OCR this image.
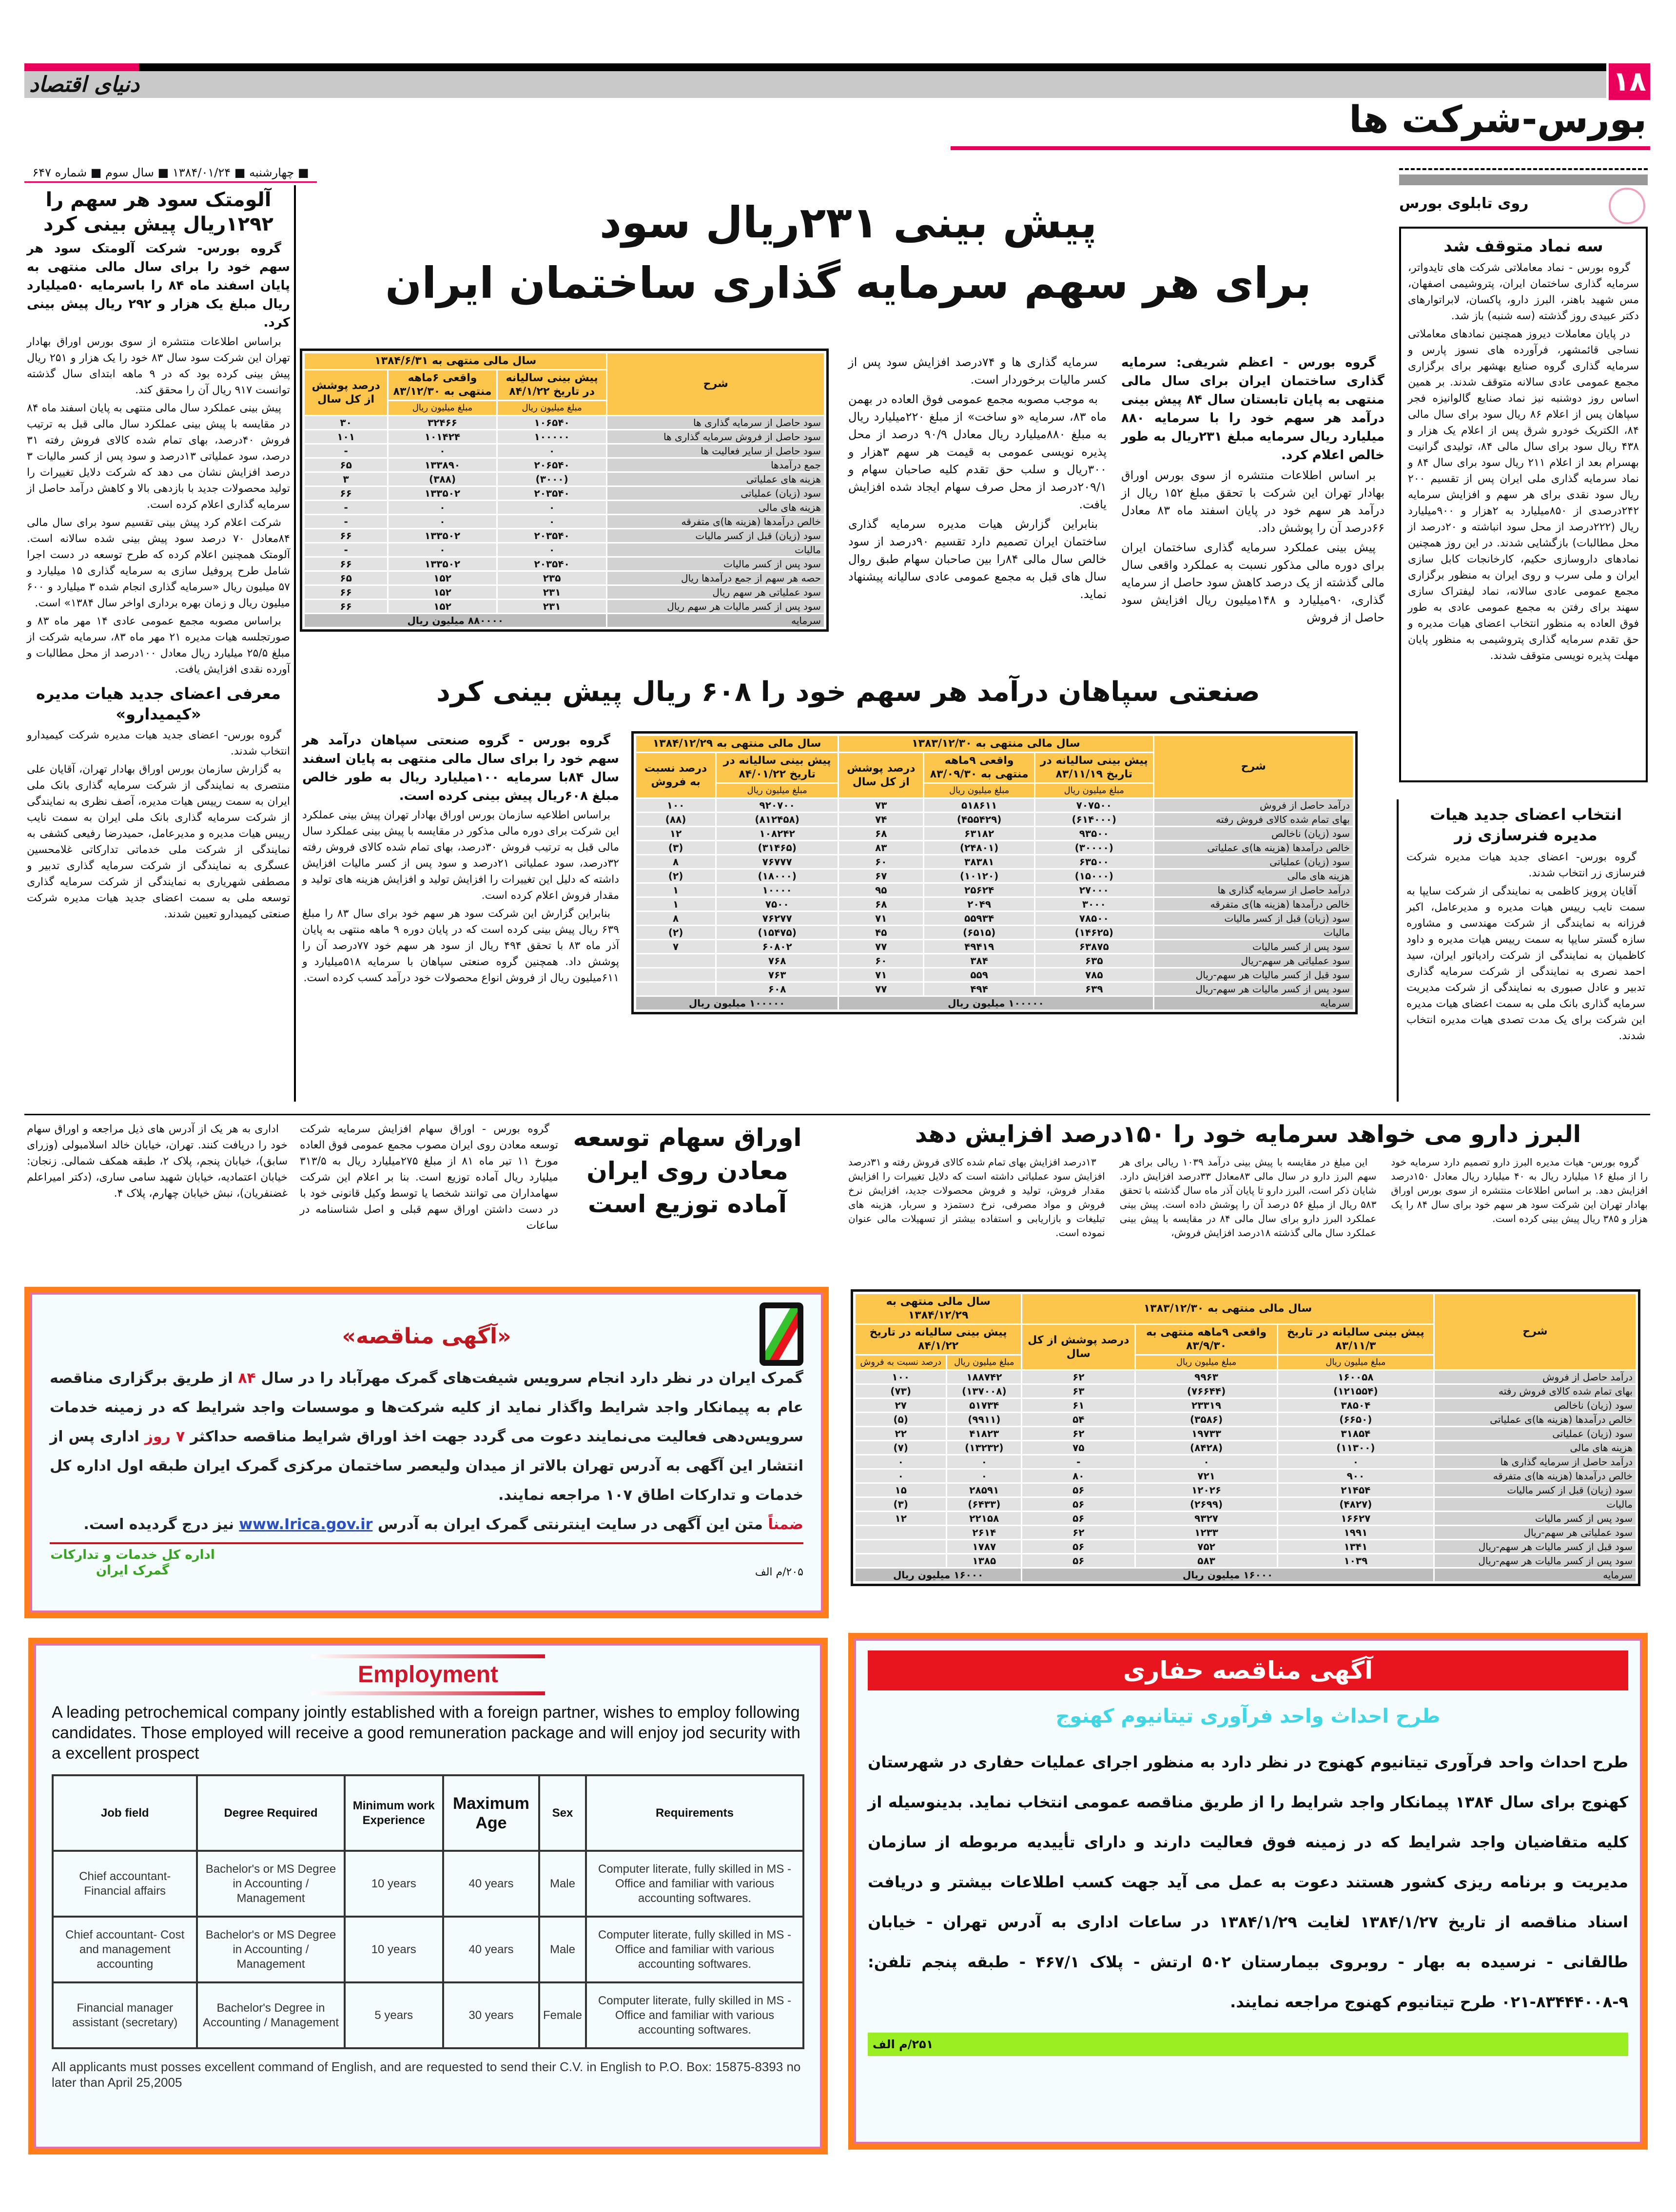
۱۸
دنیای اقتصاد
بورس-شرکت ها
■ چهارشنبه ■ ۱۳۸۴/۰۱/۲۴ ■ سال سوم ■ شماره ۶۴۷
آلومتک سود هر سهم را ۱۲۹۲ریال پیش بینی کرد

گروه بورس- شرکت آلومتک سود هر سهم خود را برای سال مالی منتهی به پایان اسفند ماه ۸۴ را باسرمایه ۵۰میلیارد ریال مبلغ یک هزار و ۲۹۲ ریال پیش بینی کرد.

براساس اطلاعات منتشره از سوی بورس اوراق بهادار تهران این شرکت سود سال ۸۳ خود را یک هزار و ۲۵۱ ریال پیش بینی کرده بود که در ۹ ماهه ابتدای سال گذشته توانست ۹۱۷ ریال آن را محقق کند.

پیش بینی عملکرد سال مالی منتهی به پایان اسفند ماه ۸۴ در مقایسه با پیش بینی عملکرد سال مالی قبل به ترتیب فروش ۴۰درصد، بهای تمام شده کالای فروش رفته ۳۱ درصد، سود عملیاتی ۱۳درصد و سود پس از کسر مالیات ۳ درصد افزایش نشان می دهد که شرکت دلایل تغییرات را تولید محصولات جدید با بازدهی بالا و کاهش درآمد حاصل از سرمایه گذاری اعلام کرده است.

شرکت اعلام کرد پیش بینی تقسیم سود برای سال مالی ۸۴معادل ۷۰ درصد سود پیش بینی شده سالانه است. آلومتک همچنین اعلام کرده که طرح توسعه در دست اجرا شامل طرح پروفیل سازی به سرمایه گذاری ۱۵ میلیارد و ۵۷ میلیون ریال «سرمایه گذاری انجام شده ۳ میلیارد و ۶۰۰ میلیون ریال و زمان بهره برداری اواخر سال ۱۳۸۴» است.

براساس مصوبه مجمع عمومی عادی ۱۴ مهر ماه ۸۳ و صورتجلسه هیات مدیره ۲۱ مهر ماه ۸۳، سرمایه شرکت از مبلغ ۲۵/۵ میلیارد ریال معادل ۱۰۰درصد از محل مطالبات و آورده نقدی افزایش یافت.

معرفی اعضای جدید هیات مدیره «کیمیدارو»

گروه بورس- اعضای جدید هیات مدیره شرکت کیمیدارو انتخاب شدند.

به گزارش سازمان بورس اوراق بهادار تهران، آقایان علی منتصری به نمایندگی از شرکت سرمایه گذاری بانک ملی ایران به سمت رییس هیات مدیره، آصف نظری به نمایندگی از شرکت سرمایه گذاری بانک ملی ایران به سمت نایب رییس هیات مدیره و مدیرعامل، حمیدرضا رفیعی کشفی به نمایندگی از شرکت ملی خدماتی تدارکاتی غلامحسین عسگری به نمایندگی از شرکت سرمایه گذاری تدبیر و مصطفی شهریاری به نمایندگی از شرکت سرمایه گذاری توسعه ملی به سمت اعضای جدید هیات مدیره شرکت صنعتی کیمیدارو تعیین شدند.

پیش بینی ۲۳۱ریال سود
برای هر سهم سرمایه گذاری ساختمان ایران
شرح	سال مالی منتهی به ۱۳۸۴/۶/۳۱		
	پیش بینی سالیانه در تاریخ ۸۴/۱/۲۲	واقعی ۶ماهه منتهی به ۸۳/۱۲/۳۰	درصد پوشش از کل سال
	مبلغ میلیون ریال	مبلغ میلیون ریال	
سود حاصل از سرمایه گذاری ها	۱۰۶۵۴۰	۳۲۴۶۶	۳۰
سود حاصل از فروش سرمایه گذاری ها	۱۰۰۰۰۰	۱۰۱۴۲۴	۱۰۱
سود حاصل از سایر فعالیت ها	۰	۰	-
جمع درآمدها	۲۰۶۵۴۰	۱۳۳۸۹۰	۶۵
هزینه های عملیاتی	(۳۰۰۰)	(۳۸۸)	۳
سود (زیان) عملیاتی	۲۰۳۵۴۰	۱۳۳۵۰۲	۶۶
هزینه های مالی	۰	۰	-
خالص درآمدها (هزینه ها)ی متفرقه	۰	۰	-
سود (زیان) قبل از کسر مالیات	۲۰۳۵۴۰	۱۳۳۵۰۲	۶۶
مالیات	۰	۰	-
سود پس از کسر مالیات	۲۰۳۵۴۰	۱۳۳۵۰۲	۶۶
حصه هر سهم از جمع درآمدها ریال	۲۳۵	۱۵۲	۶۵
سود عملیاتی هر سهم ریال	۲۳۱	۱۵۲	۶۶
سود پس از کسر مالیات هر سهم ریال	۲۳۱	۱۵۲	۶۶
سرمایه	۸۸۰۰۰۰ میلیون ریال		

گروه بورس - اعظم شریفی: سرمایه گذاری ساختمان ایران برای سال مالی منتهی به پایان تابستان سال ۸۴ پیش بینی درآمد هر سهم خود را با سرمایه ۸۸۰ میلیارد ریال سرمایه مبلغ ۲۳۱ریال به طور خالص اعلام کرد.

بر اساس اطلاعات منتشره از سوی بورس اوراق بهادار تهران این شرکت با تحقق مبلغ ۱۵۲ ریال از درآمد هر سهم خود در پایان اسفند ماه ۸۳ معادل ۶۶درصد آن را پوشش داد.

پیش بینی عملکرد سرمایه گذاری ساختمان ایران برای دوره مالی مذکور نسبت به عملکرد واقعی سال مالی گذشته از یک درصد کاهش سود حاصل از سرمایه گذاری، ۹۰میلیارد و ۱۴۸میلیون ریال افزایش سود حاصل از فروش

سرمایه گذاری ها و ۷۴درصد افزایش سود پس از کسر مالیات برخوردار است.

به موجب مصوبه مجمع عمومی فوق العاده در بهمن ماه ۸۳، سرمایه «و ساخت» از مبلغ ۲۲۰میلیارد ریال به مبلغ ۸۸۰میلیارد ریال معادل ۹۰/۹ درصد از محل پذیره نویسی عمومی به قیمت هر سهم ۳هزار و ۳۰۰ریال و سلب حق تقدم کلیه صاحبان سهام و ۲۰۹/۱درصد از محل صرف سهام ایجاد شده افزایش یافت.

بنابراین گزارش هیات مدیره سرمایه گذاری ساختمان ایران تصمیم دارد تقسیم ۹۰درصد از سود خالص سال مالی ۸۴را بین صاحبان سهام طبق روال سال های قبل به مجمع عمومی عادی سالیانه پیشنهاد نماید.

روی تابلوی بورس
سه نماد متوقف شد

گروه بورس - نماد معاملاتی شرکت های تایدواتر، سرمایه گذاری ساختمان ایران، پتروشیمی اصفهان، مس شهید باهنر، البرز دارو، پاکسان، لابراتوارهای دکتر عبیدی روز گذشته (سه شنبه) باز شد.

در پایان معاملات دیروز همچنین نمادهای معاملاتی نساجی قائمشهر، فرآورده های نسوز پارس و سرمایه گذاری گروه صنایع بهشهر برای برگزاری مجمع عمومی عادی سالانه متوقف شدند. بر همین اساس روز دوشنبه نیز نماد صنایع گالوانیزه فجر سپاهان پس از اعلام ۸۶ ریال سود برای سال مالی ۸۴، الکتریک خودرو شرق پس از اعلام یک هزار و ۴۳۸ ریال سود برای سال مالی ۸۴، تولیدی گرانیت بهسرام بعد از اعلام ۲۱۱ ریال سود برای سال ۸۴ و نماد سرمایه گذاری ملی ایران پس از تقسیم ۲۰۰ ریال سود نقدی برای هر سهم و افزایش سرمایه ۲۴۲درصدی از ۸۵۰میلیارد به ۲هزار و ۹۰۰میلیارد ریال (۲۲۲درصد از محل سود انباشته و ۲۰درصد از محل مطالبات) بازگشایی شدند. در این روز همچنین نمادهای داروسازی حکیم، کارخانجات کابل سازی ایران و ملی سرب و روی ایران به منظور برگزاری مجمع عمومی عادی سالانه، نماد لیفتراک سازی سهند برای رفتن به مجمع عمومی عادی به طور فوق العاده به منظور انتخاب اعضای هیات مدیره و حق تقدم سرمایه گذاری پتروشیمی به منظور پایان مهلت پذیره نویسی متوقف شدند.

انتخاب اعضای جدید هیات مدیره فنرسازی زر

گروه بورس- اعضای جدید هیات مدیره شرکت فنرسازی زر انتخاب شدند.

آقایان پرویز کاظمی به نمایندگی از شرکت سایپا به سمت نایب رییس هیات مدیره و مدیرعامل، اکبر فرزانه به نمایندگی از شرکت مهندسی و مشاوره سازه گستر سایپا به سمت رییس هیات مدیره و داود کاظمیان به نمایندگی از شرکت رادیاتور ایران، سید احمد نصری به نمایندگی از شرکت سرمایه گذاری تدبیر و عادل صبوری به نمایندگی از شرکت مدیریت سرمایه گذاری بانک ملی به سمت اعضای هیات مدیره این شرکت برای یک مدت تصدی هیات مدیره انتخاب شدند.

صنعتی سپاهان درآمد هر سهم خود را ۶۰۸ ریال پیش بینی کرد

گروه بورس - گروه صنعتی سپاهان درآمد هر سهم خود را برای سال مالی منتهی به پایان اسفند سال ۸۴با سرمایه ۱۰۰میلیارد ریال به طور خالص مبلغ ۶۰۸ریال پیش بینی کرده است.

براساس اطلاعیه سازمان بورس اوراق بهادار تهران پیش بینی عملکرد این شرکت برای دوره مالی مذکور در مقایسه با پیش بینی عملکرد سال مالی قبل به ترتیب فروش ۳۰درصد، بهای تمام شده کالای فروش رفته ۳۲درصد، سود عملیاتی ۲۱درصد و سود پس از کسر مالیات افزایش داشته که دلیل این تغییرات را افزایش تولید و افزایش هزینه های تولید و مقدار فروش اعلام کرده است.

بنابراین گزارش این شرکت سود هر سهم خود برای سال ۸۳ را مبلغ ۶۳۹ ریال پیش بینی کرده است که در پایان دوره ۹ ماهه منتهی به پایان آذر ماه ۸۳ با تحقق ۴۹۴ ریال از سود هر سهم خود ۷۷درصد آن را پوشش داد. همچنین گروه صنعتی سپاهان با سرمایه ۵۱۸میلیارد و ۶۱۱میلیون ریال از فروش انواع محصولات خود درآمد کسب کرده است.

شرح	سال مالی منتهی به ۱۳۸۳/۱۲/۳۰			سال مالی منتهی به ۱۳۸۴/۱۲/۲۹	
	پیش بینی سالیانه در تاریخ ۸۳/۱۱/۱۹	واقعی ۹ماهه منتهی به ۸۳/۰۹/۳۰	درصد پوشش از کل سال	پیش بینی سالیانه در تاریخ ۸۴/۰۱/۲۲	درصد نسبت به فروش
	مبلغ میلیون ریال	مبلغ میلیون ریال		مبلغ میلیون ریال	
درآمد حاصل از فروش	۷۰۷۵۰۰	۵۱۸۶۱۱	۷۳	۹۲۰۷۰۰	۱۰۰
بهای تمام شده کالای فروش رفته	(۶۱۴۰۰۰)	(۴۵۵۴۲۹)	۷۴	(۸۱۲۴۵۸)	(۸۸)
سود (زیان) ناخالص	۹۳۵۰۰	۶۳۱۸۲	۶۸	۱۰۸۲۴۲	۱۲
خالص درآمدها (هزینه ها)ی عملیاتی	(۳۰۰۰۰)	(۲۴۸۰۱)	۸۳	(۳۱۴۶۵)	(۳)
سود (زیان) عملیاتی	۶۳۵۰۰	۳۸۳۸۱	۶۰	۷۶۷۷۷	۸
هزینه های مالی	(۱۵۰۰۰)	(۱۰۱۲۰)	۶۷	(۱۸۰۰۰)	(۲)
درآمد حاصل از سرمایه گذاری ها	۲۷۰۰۰	۲۵۶۲۴	۹۵	۱۰۰۰۰	۱
خالص درآمدها (هزینه ها)ی متفرقه	۳۰۰۰	۲۰۴۹	۶۸	۷۵۰۰	۱
سود (زیان) قبل از کسر مالیات	۷۸۵۰۰	۵۵۹۳۴	۷۱	۷۶۲۷۷	۸
مالیات	(۱۴۶۲۵)	(۶۵۱۵)	۴۵	(۱۵۴۷۵)	(۲)
سود پس از کسر مالیات	۶۳۸۷۵	۴۹۴۱۹	۷۷	۶۰۸۰۲	۷
سود عملیاتی هر سهم-ریال	۶۳۵	۳۸۴	۶۰	۷۶۸	
سود قبل از کسر مالیات هر سهم-ریال	۷۸۵	۵۵۹	۷۱	۷۶۳	
سود پس از کسر مالیات هر سهم-ریال	۶۳۹	۴۹۴	۷۷	۶۰۸	
سرمایه	۱۰۰۰۰۰ میلیون ریال			۱۰۰۰۰۰ میلیون ریال	
البرز دارو می خواهد سرمایه خود را ۱۵۰درصد افزایش دهد

گروه بورس- هیات مدیره البرز دارو تصمیم دارد سرمایه خود را از مبلغ ۱۶ میلیارد ریال به ۴۰ میلیارد ریال معادل ۱۵۰درصد افزایش دهد. بر اساس اطلاعات منتشره از سوی بورس اوراق بهادار تهران این شرکت سود هر سهم خود برای سال ۸۴ را یک هزار و ۳۸۵ ریال پیش بینی کرده است.

این مبلغ در مقایسه با پیش بینی درآمد ۱۰۳۹ ریالی برای هر سهم البرز دارو در سال مالی ۸۳معادل ۳۳درصد افزایش دارد. شایان ذکر است، البرز دارو تا پایان آذر ماه سال گذشته با تحقق ۵۸۳ ریال از مبلغ ۵۶ درصد آن را پوشش داده است. پیش بینی عملکرد البرز دارو برای سال مالی ۸۴ در مقایسه با پیش بینی عملکرد سال مالی گذشته ۱۸درصد افزایش فروش،

۱۳درصد افزایش بهای تمام شده کالای فروش رفته و ۳۱درصد افزایش سود عملیاتی داشته است که دلایل تغییرات را افزایش مقدار فروش، تولید و فروش محصولات جدید، افزایش نرخ فروش و مواد مصرفی، نرخ دستمزد و سربار، هزینه های تبلیغات و بازاریابی و استفاده بیشتر از تسهیلات مالی عنوان نموده است.

شرح	سال مالی منتهی به ۱۳۸۳/۱۲/۳۰			سال مالی منتهی به ۱۳۸۴/۱۲/۲۹	
	پیش بینی سالیانه در تاریخ ۸۳/۱۱/۳	واقعی ۹ماهه منتهی به ۸۳/۹/۳۰	درصد پوشش از کل سال	پیش بینی سالیانه در تاریخ ۸۴/۱/۲۲	
	مبلغ میلیون ریال	مبلغ میلیون ریال		مبلغ میلیون ریال	درصد نسبت به فروش
درآمد حاصل از فروش	۱۶۰۰۵۸	۹۹۶۳	۶۲	۱۸۸۷۴۲	۱۰۰
بهای تمام شده کالای فروش رفته	(۱۲۱۵۵۴)	(۷۶۶۴۴)	۶۳	(۱۳۷۰۰۸)	(۷۳)
سود (زیان) ناخالص	۳۸۵۰۴	۲۳۳۱۹	۶۱	۵۱۷۳۴	۲۷
خالص درآمدها (هزینه ها)ی عملیاتی	(۶۶۵۰)	(۳۵۸۶)	۵۴	(۹۹۱۱)	(۵)
سود (زیان) عملیاتی	۳۱۸۵۴	۱۹۷۳۳	۶۲	۴۱۸۲۳	۲۲
هزینه های مالی	(۱۱۳۰۰)	(۸۴۲۸)	۷۵	(۱۳۲۳۲)	(۷)
درآمد حاصل از سرمایه گذاری ها	۰	۰	-	۰	۰
خالص درآمدها (هزینه ها)ی متفرقه	۹۰۰	۷۲۱	۸۰	۰	۰
سود (زیان) قبل از کسر مالیات	۲۱۴۵۴	۱۲۰۲۶	۵۶	۲۸۵۹۱	۱۵
مالیات	(۴۸۲۷)	(۲۶۹۹)	۵۶	(۶۴۳۳)	(۳)
سود پس از کسر مالیات	۱۶۶۲۷	۹۳۲۷	۵۶	۲۲۱۵۸	۱۲
سود عملیاتی هر سهم-ریال	۱۹۹۱	۱۲۳۳	۶۲	۲۶۱۴	
سود قبل از کسر مالیات هر سهم-ریال	۱۳۴۱	۷۵۲	۵۶	۱۷۸۷	
سود پس از کسر مالیات هر سهم-ریال	۱۰۳۹	۵۸۳	۵۶	۱۳۸۵	
سرمایه	۱۶۰۰۰ میلیون ریال			۱۶۰۰۰ میلیون ریال	
اوراق سهام توسعه معادن روی ایران آماده توزیع است

گروه بورس - اوراق سهام افزایش سرمایه شرکت توسعه معادن روی ایران مصوب مجمع عمومی فوق العاده مورخ ۱۱ تیر ماه ۸۱ از مبلغ ۲۷۵میلیارد ریال به ۳۱۳/۵ میلیارد ریال آماده توزیع است. بنا بر اعلام این شرکت سهامداران می توانند شخصا یا توسط وکیل قانونی خود با در دست داشتن اوراق سهم قبلی و اصل شناسنامه در ساعات

اداری به هر یک از آدرس های ذیل مراجعه و اوراق سهام خود را دریافت کنند. تهران، خیابان خالد اسلامبولی (وزرای سابق)، خیابان پنجم، پلاک ۲، طبقه همکف شمالی. زنجان: خیابان اعتمادیه، خیابان شهید سامی ساری، (دکتر امیراعلم غضنفریان)، نبش خیابان چهارم، پلاک ۴.

«آگهی مناقصه»

گمرک ایران در نظر دارد انجام سرویس شیفت‌های گمرک مهرآباد را در سال ۸۴ از طریق برگزاری مناقصه عام به پیمانکار واجد شرایط واگذار نماید از کلیه شرکت‌ها و موسسات واجد شرایط که در زمینه خدمات سرویس‌دهی فعالیت می‌نمایند دعوت می گردد جهت اخذ اوراق شرایط مناقصه حداکثر ۷ روز اداری پس از انتشار این آگهی به آدرس تهران بالاتر از میدان ولیعصر ساختمان مرکزی گمرک ایران طبقه اول اداره کل خدمات و تدارکات اطاق ۱۰۷ مراجعه نمایند.

ضمناً متن این آگهی در سایت اینترنتی گمرک ایران به آدرس www.Irica.gov.ir نیز درج گردیده است.

اداره کل خدمات و تدارکات گمرک ایران	۲۰۵/م الف
Employment
A leading petrochemical company jointly established with a foreign partner, wishes to employ following candidates. Those employed will receive a good remuneration package and will enjoy jod security with a excellent prospect
Job field	Degree Required	Minimum work Experience	Maximum Age	Sex	Requirements
Chief accountant- Financial affairs	Bachelor's or MS Degree in Accounting / Management	10 years	40 years	Male	Computer literate, fully skilled in MS - Office and familiar with various accounting softwares.
Chief accountant- Cost and management accounting	Bachelor's or MS Degree in Accounting / Management	10 years	40 years	Male	Computer literate, fully skilled in MS - Office and familiar with various accounting softwares.
Financial manager assistant (secretary)	Bachelor's Degree in Accounting / Management	5 years	30 years	Female	Computer literate, fully skilled in MS - Office and familiar with various accounting softwares.
All applicants must posses excellent command of English, and are requested to send their C.V. in English to P.O. Box: 15875-8393 no later than April 25,2005
آگهی مناقصه حفاری
طرح احداث واحد فرآوری تیتانیوم کهنوج

طرح احداث واحد فرآوری تیتانیوم کهنوج در نظر دارد به منظور اجرای عملیات حفاری در شهرستان کهنوج برای سال ۱۳۸۴ پیمانکار واجد شرایط را از طریق مناقصه عمومی انتخاب نماید. بدینوسیله از کلیه متقاضیان واجد شرایط که در زمینه فوق فعالیت دارند و دارای تأییدیه مربوطه از سازمان مدیریت و برنامه ریزی کشور هستند دعوت به عمل می آید جهت کسب اطلاعات بیشتر و دریافت اسناد مناقصه از تاریخ ۱۳۸۴/۱/۲۷ لغایت ۱۳۸۴/۱/۲۹ در ساعات اداری به آدرس تهران - خیابان طالقانی - نرسیده به بهار - روبروی بیمارستان ۵۰۲ ارتش - پلاک ۴۶۷/۱ - طبقه پنجم تلفن: ۹-۸۳۴۴۴۰۰۸-۰۲۱ طرح تیتانیوم کهنوج مراجعه نمایند.

۲۵۱/م الف
